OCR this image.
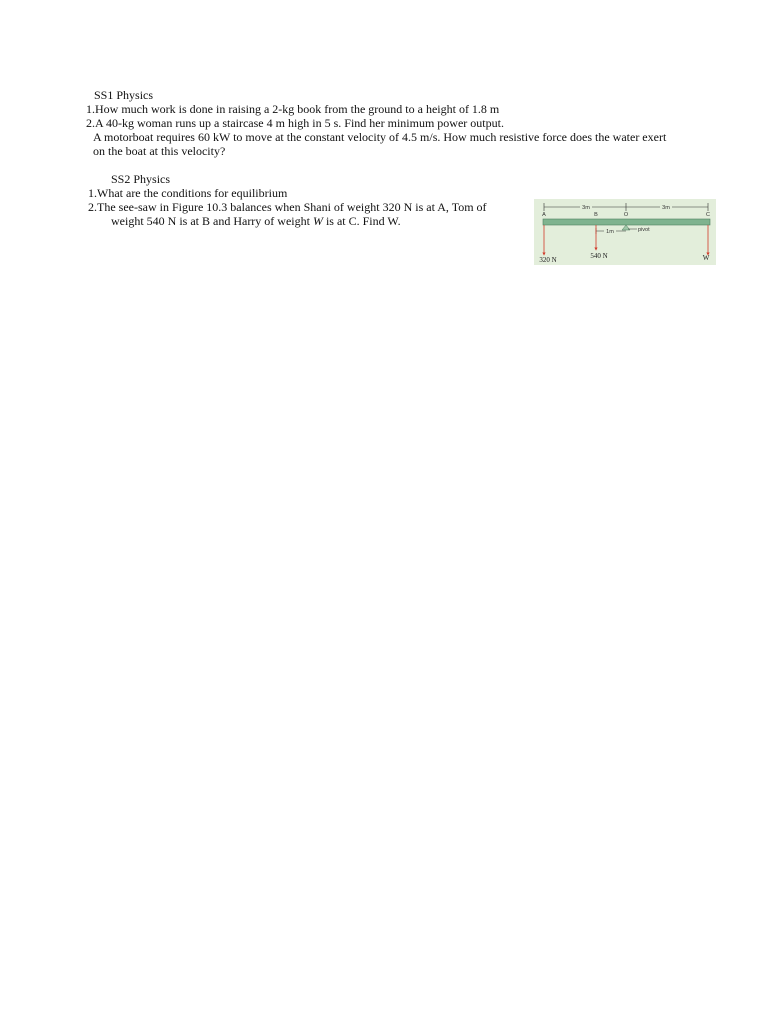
SS1 Physics
1.How much work is done in raising a 2-kg book from the ground to a height of 1.8 m
2.A 40-kg woman runs up a staircase 4 m high in 5 s. Find her minimum power output.
A motorboat requires 60 kW to move at the constant velocity of 4.5 m/s. How much resistive force does the water exert
on the boat at this velocity?
SS2 Physics
1.What are the conditions for equilibrium
2.The see-saw in Figure 10.3 balances when Shani of weight 320 N is at A, Tom of
weight 540 N is at B and Harry of weight W is at C. Find W.
3m	3m
A	B	O	C
1m	pivot
320 N	540 N	W
